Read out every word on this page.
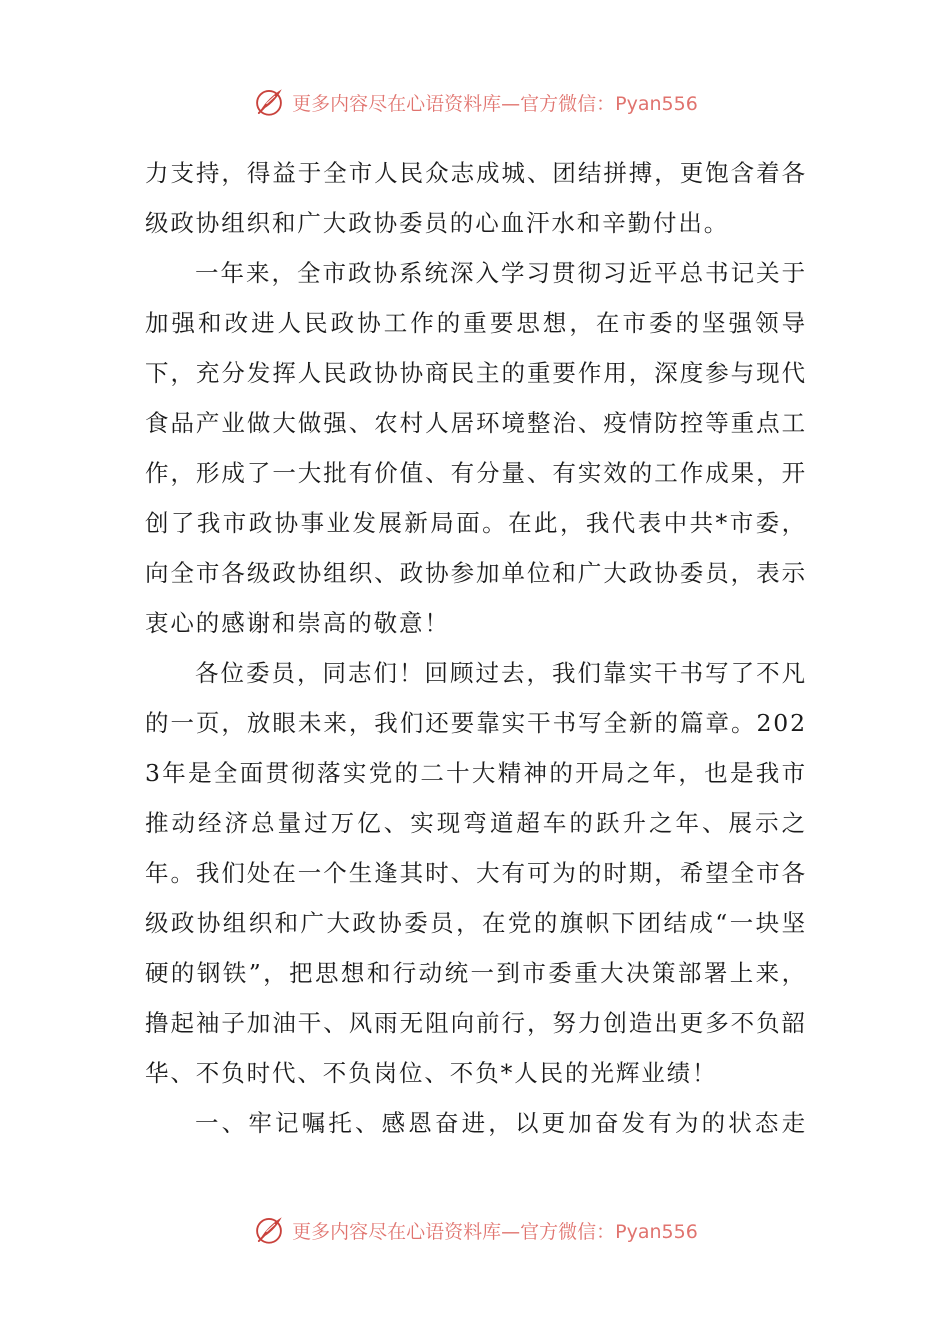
更多内容尽在心语资料库—官方微信：Pyan556

力支持，得益于全市人民众志成城、团结拼搏，更饱含着各级政协组织和广大政协委员的心血汗水和辛勤付出。

一年来，全市政协系统深入学习贯彻习近平总书记关于加强和改进人民政协工作的重要思想，在市委的坚强领导下，充分发挥人民政协协商民主的重要作用，深度参与现代食品产业做大做强、农村人居环境整治、疫情防控等重点工作，形成了一大批有价值、有分量、有实效的工作成果，开创了我市政协事业发展新局面。在此，我代表中共*市委，向全市各级政协组织、政协参加单位和广大政协委员，表示衷心的感谢和崇高的敬意！

各位委员，同志们！回顾过去，我们靠实干书写了不凡的一页，放眼未来，我们还要靠实干书写全新的篇章。2023年是全面贯彻落实党的二十大精神的开局之年，也是我市推动经济总量过万亿、实现弯道超车的跃升之年、展示之年。我们处在一个生逢其时、大有可为的时期，希望全市各级政协组织和广大政协委员，在党的旗帜下团结成“一块坚硬的钢铁”，把思想和行动统一到市委重大决策部署上来，撸起袖子加油干、风雨无阻向前行，努力创造出更多不负韶华、不负时代、不负岗位、不负*人民的光辉业绩！

一、牢记嘱托、感恩奋进，以更加奋发有为的状态走

更多内容尽在心语资料库—官方微信：Pyan556
